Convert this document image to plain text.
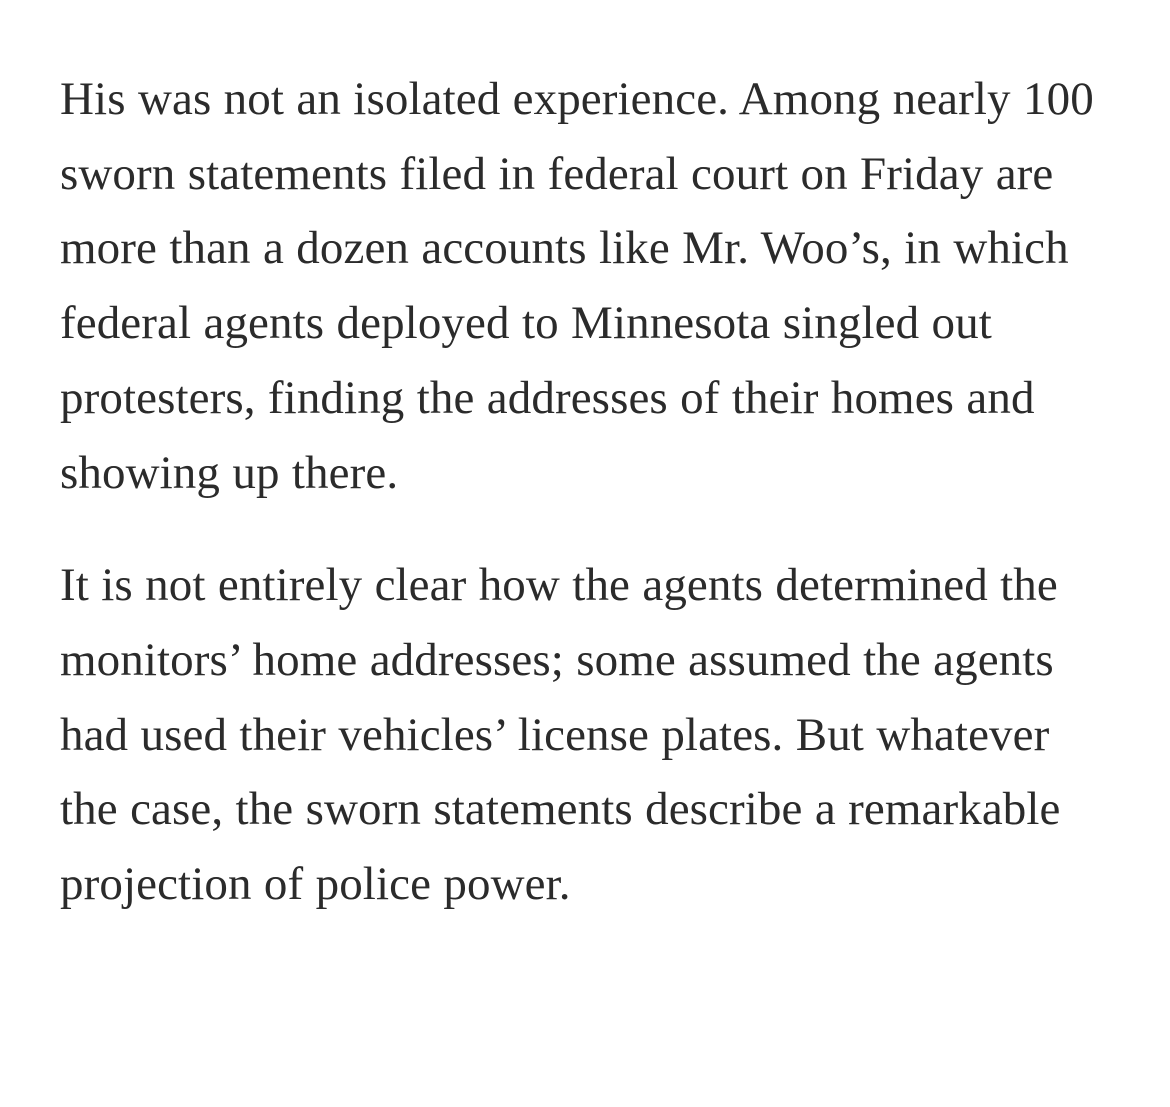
His was not an isolated experience. Among nearly 100 sworn statements filed in federal court on Friday are more than a dozen accounts like Mr. Woo’s, in which federal agents deployed to Minnesota singled out protesters, finding the addresses of their homes and showing up there.

It is not entirely clear how the agents determined the monitors’ home addresses; some assumed the agents had used their vehicles’ license plates. But whatever the case, the sworn statements describe a remarkable projection of police power.
